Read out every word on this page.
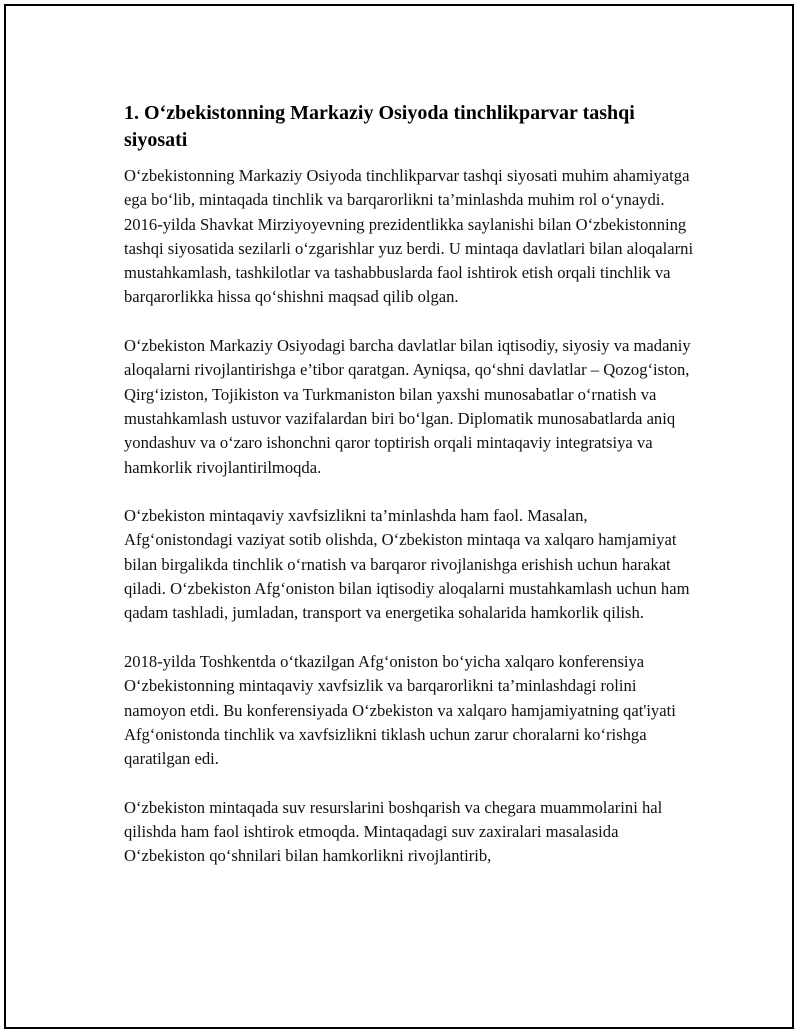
1. O‘zbekistonning Markaziy Osiyoda tinchlikparvar tashqi siyosati

O‘zbekistonning Markaziy Osiyoda tinchlikparvar tashqi siyosati muhim ahamiyatga ega bo‘lib, mintaqada tinchlik va barqarorlikni ta’minlashda muhim rol o‘ynaydi. 2016-yilda Shavkat Mirziyoyevning prezidentlikka saylanishi bilan O‘zbekistonning tashqi siyosatida sezilarli o‘zgarishlar yuz berdi. U mintaqa davlatlari bilan aloqalarni mustahkamlash, tashkilotlar va tashabbuslarda faol ishtirok etish orqali tinchlik va barqarorlikka hissa qo‘shishni maqsad qilib olgan.

O‘zbekiston Markaziy Osiyodagi barcha davlatlar bilan iqtisodiy, siyosiy va madaniy aloqalarni rivojlantirishga e’tibor qaratgan. Ayniqsa, qo‘shni davlatlar – Qozog‘iston, Qirg‘iziston, Tojikiston va Turkmaniston bilan yaxshi munosabatlar o‘rnatish va mustahkamlash ustuvor vazifalardan biri bo‘lgan. Diplomatik munosabatlarda aniq yondashuv va o‘zaro ishonchni qaror toptirish orqali mintaqaviy integratsiya va hamkorlik rivojlantirilmoqda.

O‘zbekiston mintaqaviy xavfsizlikni ta’minlashda ham faol. Masalan, Afg‘onistondagi vaziyat sotib olishda, O‘zbekiston mintaqa va xalqaro hamjamiyat bilan birgalikda tinchlik o‘rnatish va barqaror rivojlanishga erishish uchun harakat qiladi. O‘zbekiston Afg‘oniston bilan iqtisodiy aloqalarni mustahkamlash uchun ham qadam tashladi, jumladan, transport va energetika sohalarida hamkorlik qilish.

2018-yilda Toshkentda o‘tkazilgan Afg‘oniston bo‘yicha xalqaro konferensiya O‘zbekistonning mintaqaviy xavfsizlik va barqarorlikni ta’minlashdagi rolini namoyon etdi. Bu konferensiyada O‘zbekiston va xalqaro hamjamiyatning qat'iyati Afg‘onistonda tinchlik va xavfsizlikni tiklash uchun zarur choralarni ko‘rishga qaratilgan edi.

O‘zbekiston mintaqada suv resurslarini boshqarish va chegara muammolarini hal qilishda ham faol ishtirok etmoqda. Mintaqadagi suv zaxiralari masalasida O‘zbekiston qo‘shnilari bilan hamkorlikni rivojlantirib,
